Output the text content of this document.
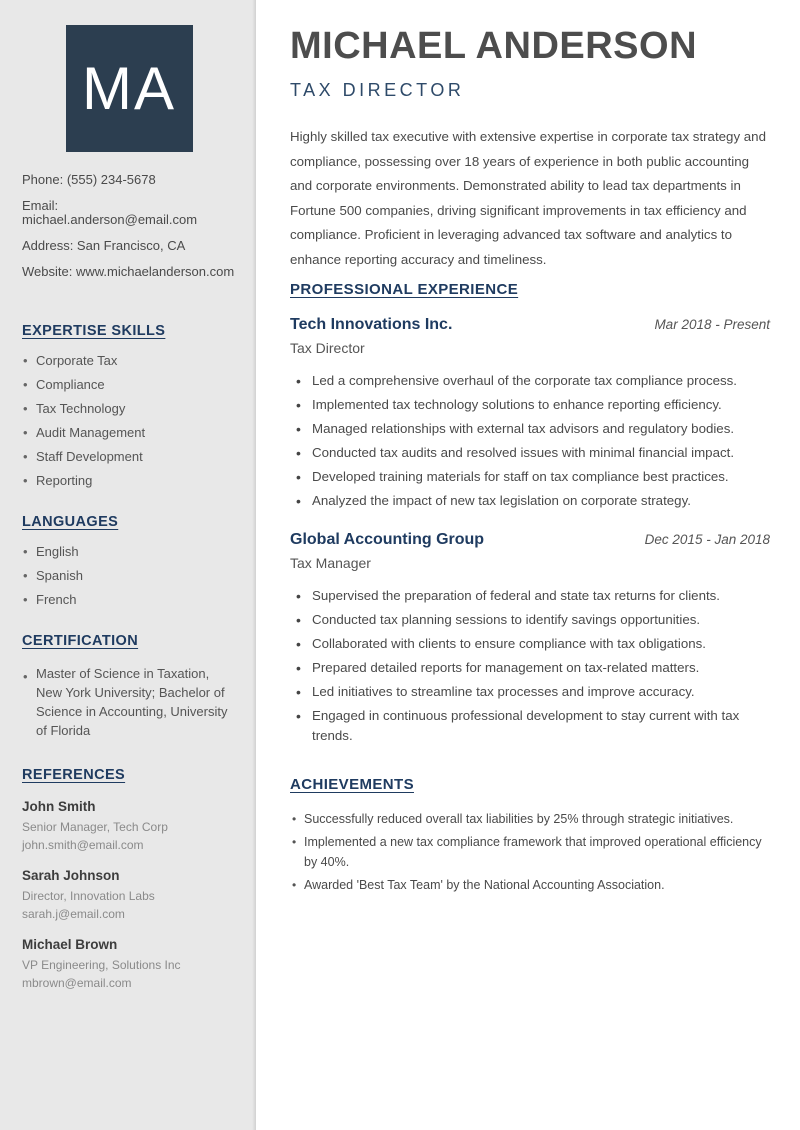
MA

Phone: (555) 234-5678

Email: michael.anderson@email.com

Address: San Francisco, CA

Website: www.michaelanderson.com

EXPERTISE SKILLS
• Corporate Tax
• Compliance
• Tax Technology
• Audit Management
• Staff Development
• Reporting
LANGUAGES
• English
• Spanish
• French
CERTIFICATION
• Master of Science in Taxation, New York University; Bachelor of Science in Accounting, University of Florida
REFERENCES

John Smith

Senior Manager, Tech Corp

john.smith@email.com

Sarah Johnson

Director, Innovation Labs

sarah.j@email.com

Michael Brown

VP Engineering, Solutions Inc

mbrown@email.com

MICHAEL ANDERSON
TAX DIRECTOR

Highly skilled tax executive with extensive expertise in corporate tax strategy and compliance, possessing over 18 years of experience in both public accounting and corporate environments. Demonstrated ability to lead tax departments in Fortune 500 companies, driving significant improvements in tax efficiency and compliance. Proficient in leveraging advanced tax software and analytics to enhance reporting accuracy and timeliness.

PROFESSIONAL EXPERIENCE
Tech Innovations Inc.	Mar 2018 - Present
Tax Director
• Led a comprehensive overhaul of the corporate tax compliance process.
• Implemented tax technology solutions to enhance reporting efficiency.
• Managed relationships with external tax advisors and regulatory bodies.
• Conducted tax audits and resolved issues with minimal financial impact.
• Developed training materials for staff on tax compliance best practices.
• Analyzed the impact of new tax legislation on corporate strategy.
Global Accounting Group	Dec 2015 - Jan 2018
Tax Manager
• Supervised the preparation of federal and state tax returns for clients.
• Conducted tax planning sessions to identify savings opportunities.
• Collaborated with clients to ensure compliance with tax obligations.
• Prepared detailed reports for management on tax-related matters.
• Led initiatives to streamline tax processes and improve accuracy.
• Engaged in continuous professional development to stay current with tax trends.
ACHIEVEMENTS
• Successfully reduced overall tax liabilities by 25% through strategic initiatives.
• Implemented a new tax compliance framework that improved operational efficiency by 40%.
• Awarded 'Best Tax Team' by the National Accounting Association.
